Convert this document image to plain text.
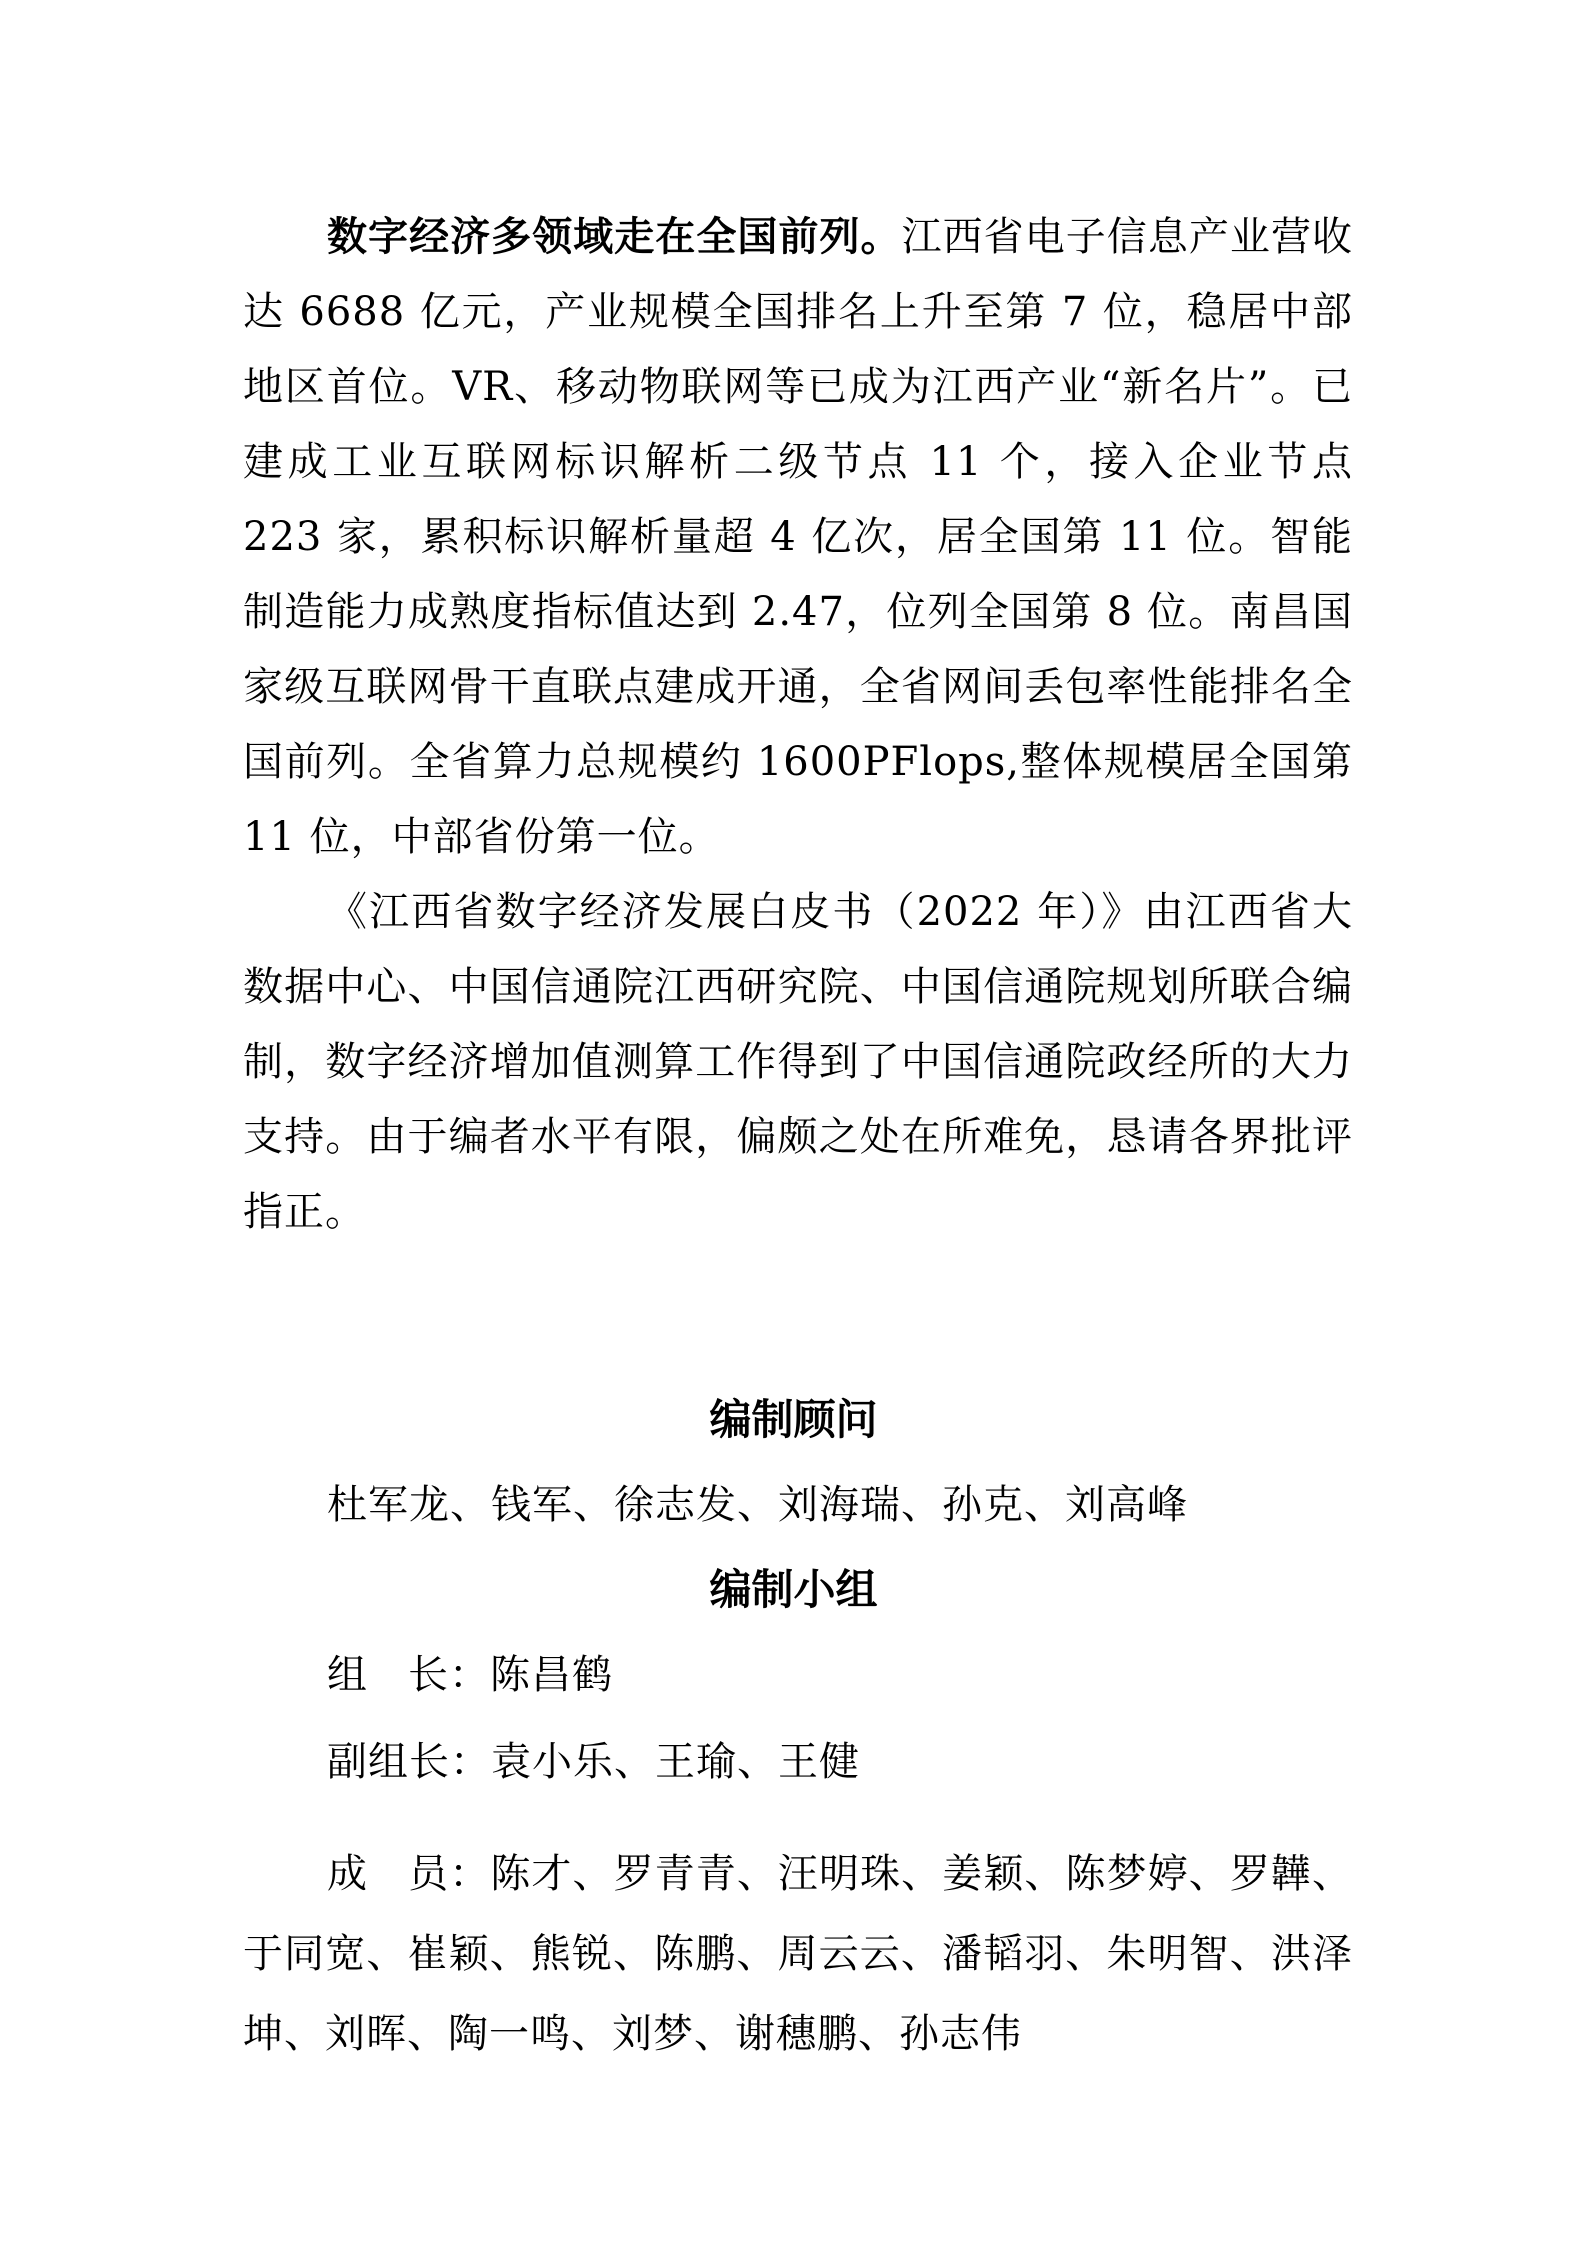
数字经济多领域走在全国前列。江西省电子信息产业营收达 6688 亿元，产业规模全国排名上升至第 7 位，稳居中部地区首位。VR、移动物联网等已成为江西产业“新名片”。已建成工业互联网标识解析二级节点 11 个，接入企业节点 223 家，累积标识解析量超 4 亿次，居全国第 11 位。智能制造能力成熟度指标值达到 2.47，位列全国第 8 位。南昌国家级互联网骨干直联点建成开通，全省网间丢包率性能排名全国前列。全省算力总规模约 1600PFlops,整体规模居全国第 11 位，中部省份第一位。

《江西省数字经济发展白皮书（2022 年）》由江西省大数据中心、中国信通院江西研究院、中国信通院规划所联合编制，数字经济增加值测算工作得到了中国信通院政经所的大力支持。由于编者水平有限，偏颇之处在所难免，恳请各界批评指正。

编制顾问

杜军龙、钱军、徐志发、刘海瑞、孙克、刘高峰

编制小组

组 长：陈昌鹤

副组长：袁小乐、王瑜、王健

成 员：陈才、罗青青、汪明珠、姜颖、陈梦婷、罗韡、于同宽、崔颖、熊锐、陈鹏、周云云、潘韬羽、朱明智、洪泽坤、刘晖、陶一鸣、刘梦、谢穗鹏、孙志伟
